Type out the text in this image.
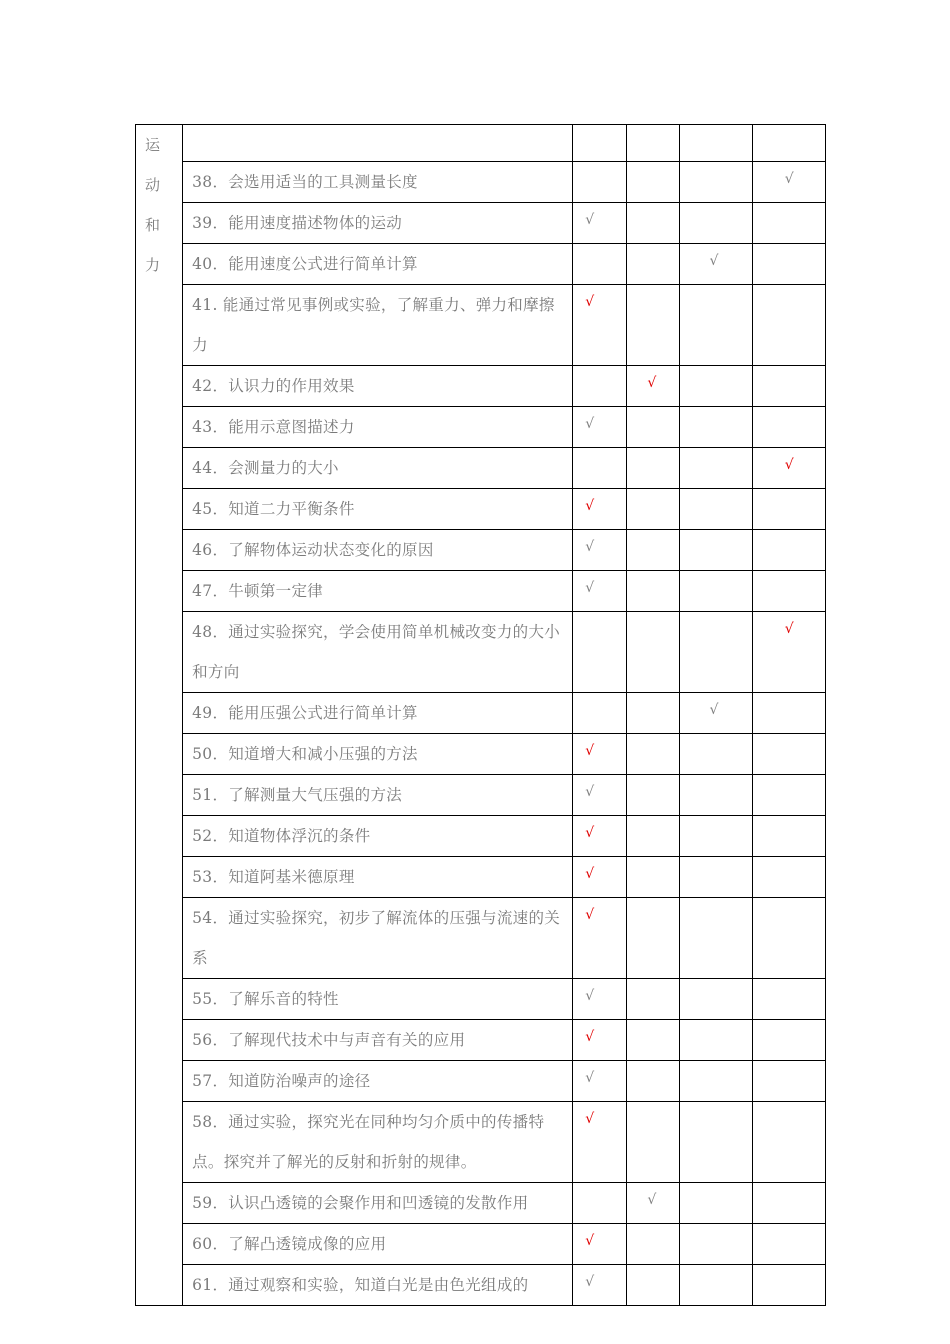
运
动
和
力					

	38．会选用适当的工具测量长度				√

	39．能用速度描述物体的运动	√			

	40．能用速度公式进行简单计算			√	

	41. 能通过常见事例或实验，了解重力、弹力和摩擦力	√			

	42．认识力的作用效果		√		

	43．能用示意图描述力	√			

	44．会测量力的大小				√

	45．知道二力平衡条件	√			

	46．了解物体运动状态变化的原因	√			

	47．牛顿第一定律	√			

	48．通过实验探究，学会使用简单机械改变力的大小和方向				√

	49．能用压强公式进行简单计算			√	

	50．知道增大和减小压强的方法	√			

	51．了解测量大气压强的方法	√			

	52．知道物体浮沉的条件	√			

	53．知道阿基米德原理	√			

	54．通过实验探究，初步了解流体的压强与流速的关系	√			

	55．了解乐音的特性	√			

	56．了解现代技术中与声音有关的应用	√			

	57．知道防治噪声的途径	√			

	58．通过实验，探究光在同种均匀介质中的传播特点。探究并了解光的反射和折射的规律。	√			

	59．认识凸透镜的会聚作用和凹透镜的发散作用		√		

	60．了解凸透镜成像的应用	√			

	61．通过观察和实验，知道白光是由色光组成的	√			
